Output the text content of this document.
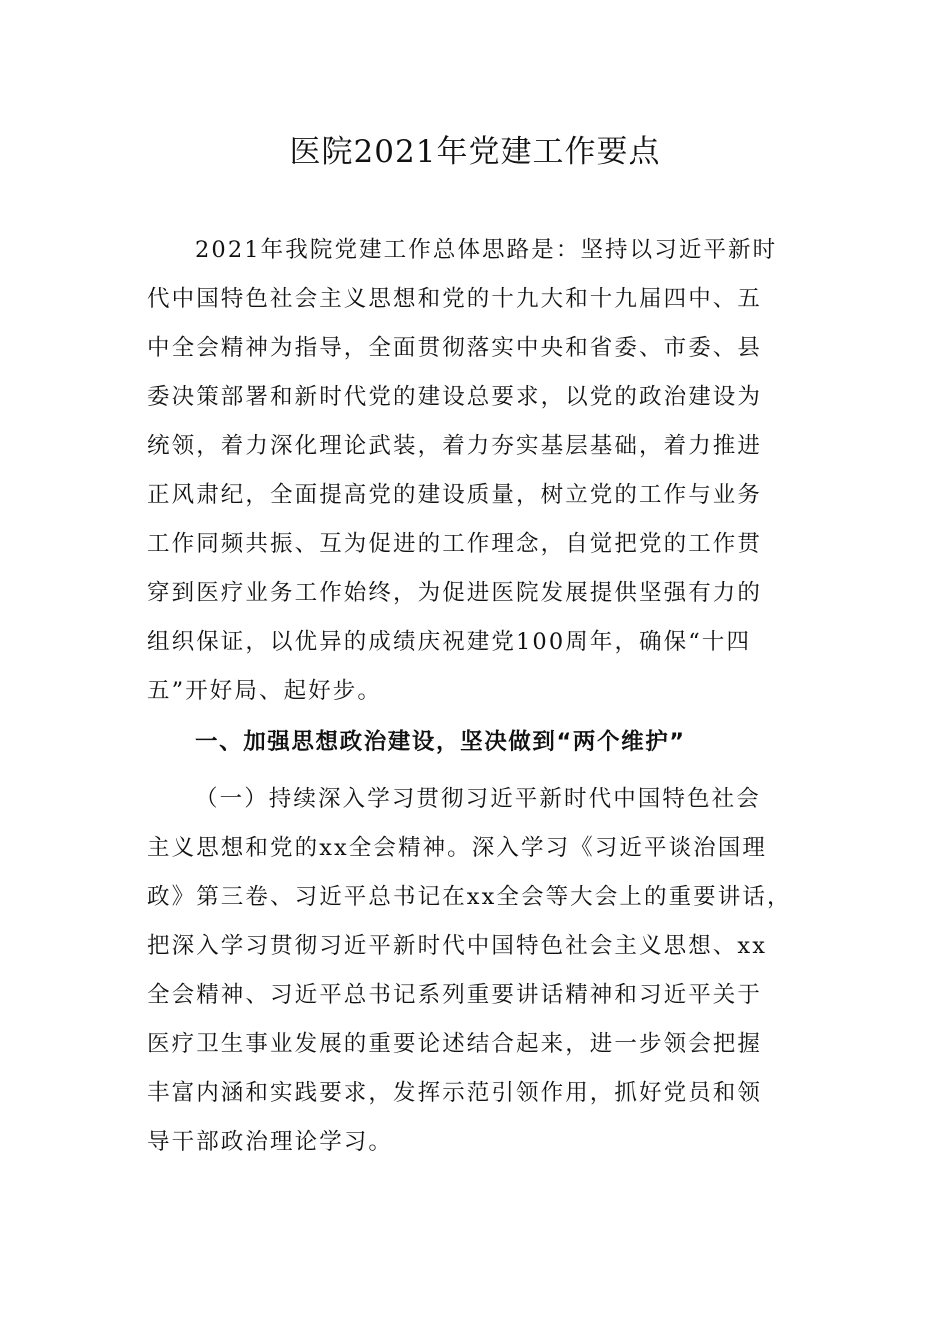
医院2021年党建工作要点
2021年我院党建工作总体思路是：坚持以习近平新时
代中国特色社会主义思想和党的十九大和十九届四中、五
中全会精神为指导，全面贯彻落实中央和省委、市委、县
委决策部署和新时代党的建设总要求，以党的政治建设为
统领，着力深化理论武装，着力夯实基层基础，着力推进
正风肃纪，全面提高党的建设质量，树立党的工作与业务
工作同频共振、互为促进的工作理念，自觉把党的工作贯
穿到医疗业务工作始终，为促进医院发展提供坚强有力的
组织保证，以优异的成绩庆祝建党100周年，确保“十四
五”开好局、起好步。
一、加强思想政治建设，坚决做到“两个维护”
（一）持续深入学习贯彻习近平新时代中国特色社会
主义思想和党的xx全会精神。深入学习《习近平谈治国理
政》第三卷、习近平总书记在xx全会等大会上的重要讲话，
把深入学习贯彻习近平新时代中国特色社会主义思想、xx
全会精神、习近平总书记系列重要讲话精神和习近平关于
医疗卫生事业发展的重要论述结合起来，进一步领会把握
丰富内涵和实践要求，发挥示范引领作用，抓好党员和领
导干部政治理论学习。
